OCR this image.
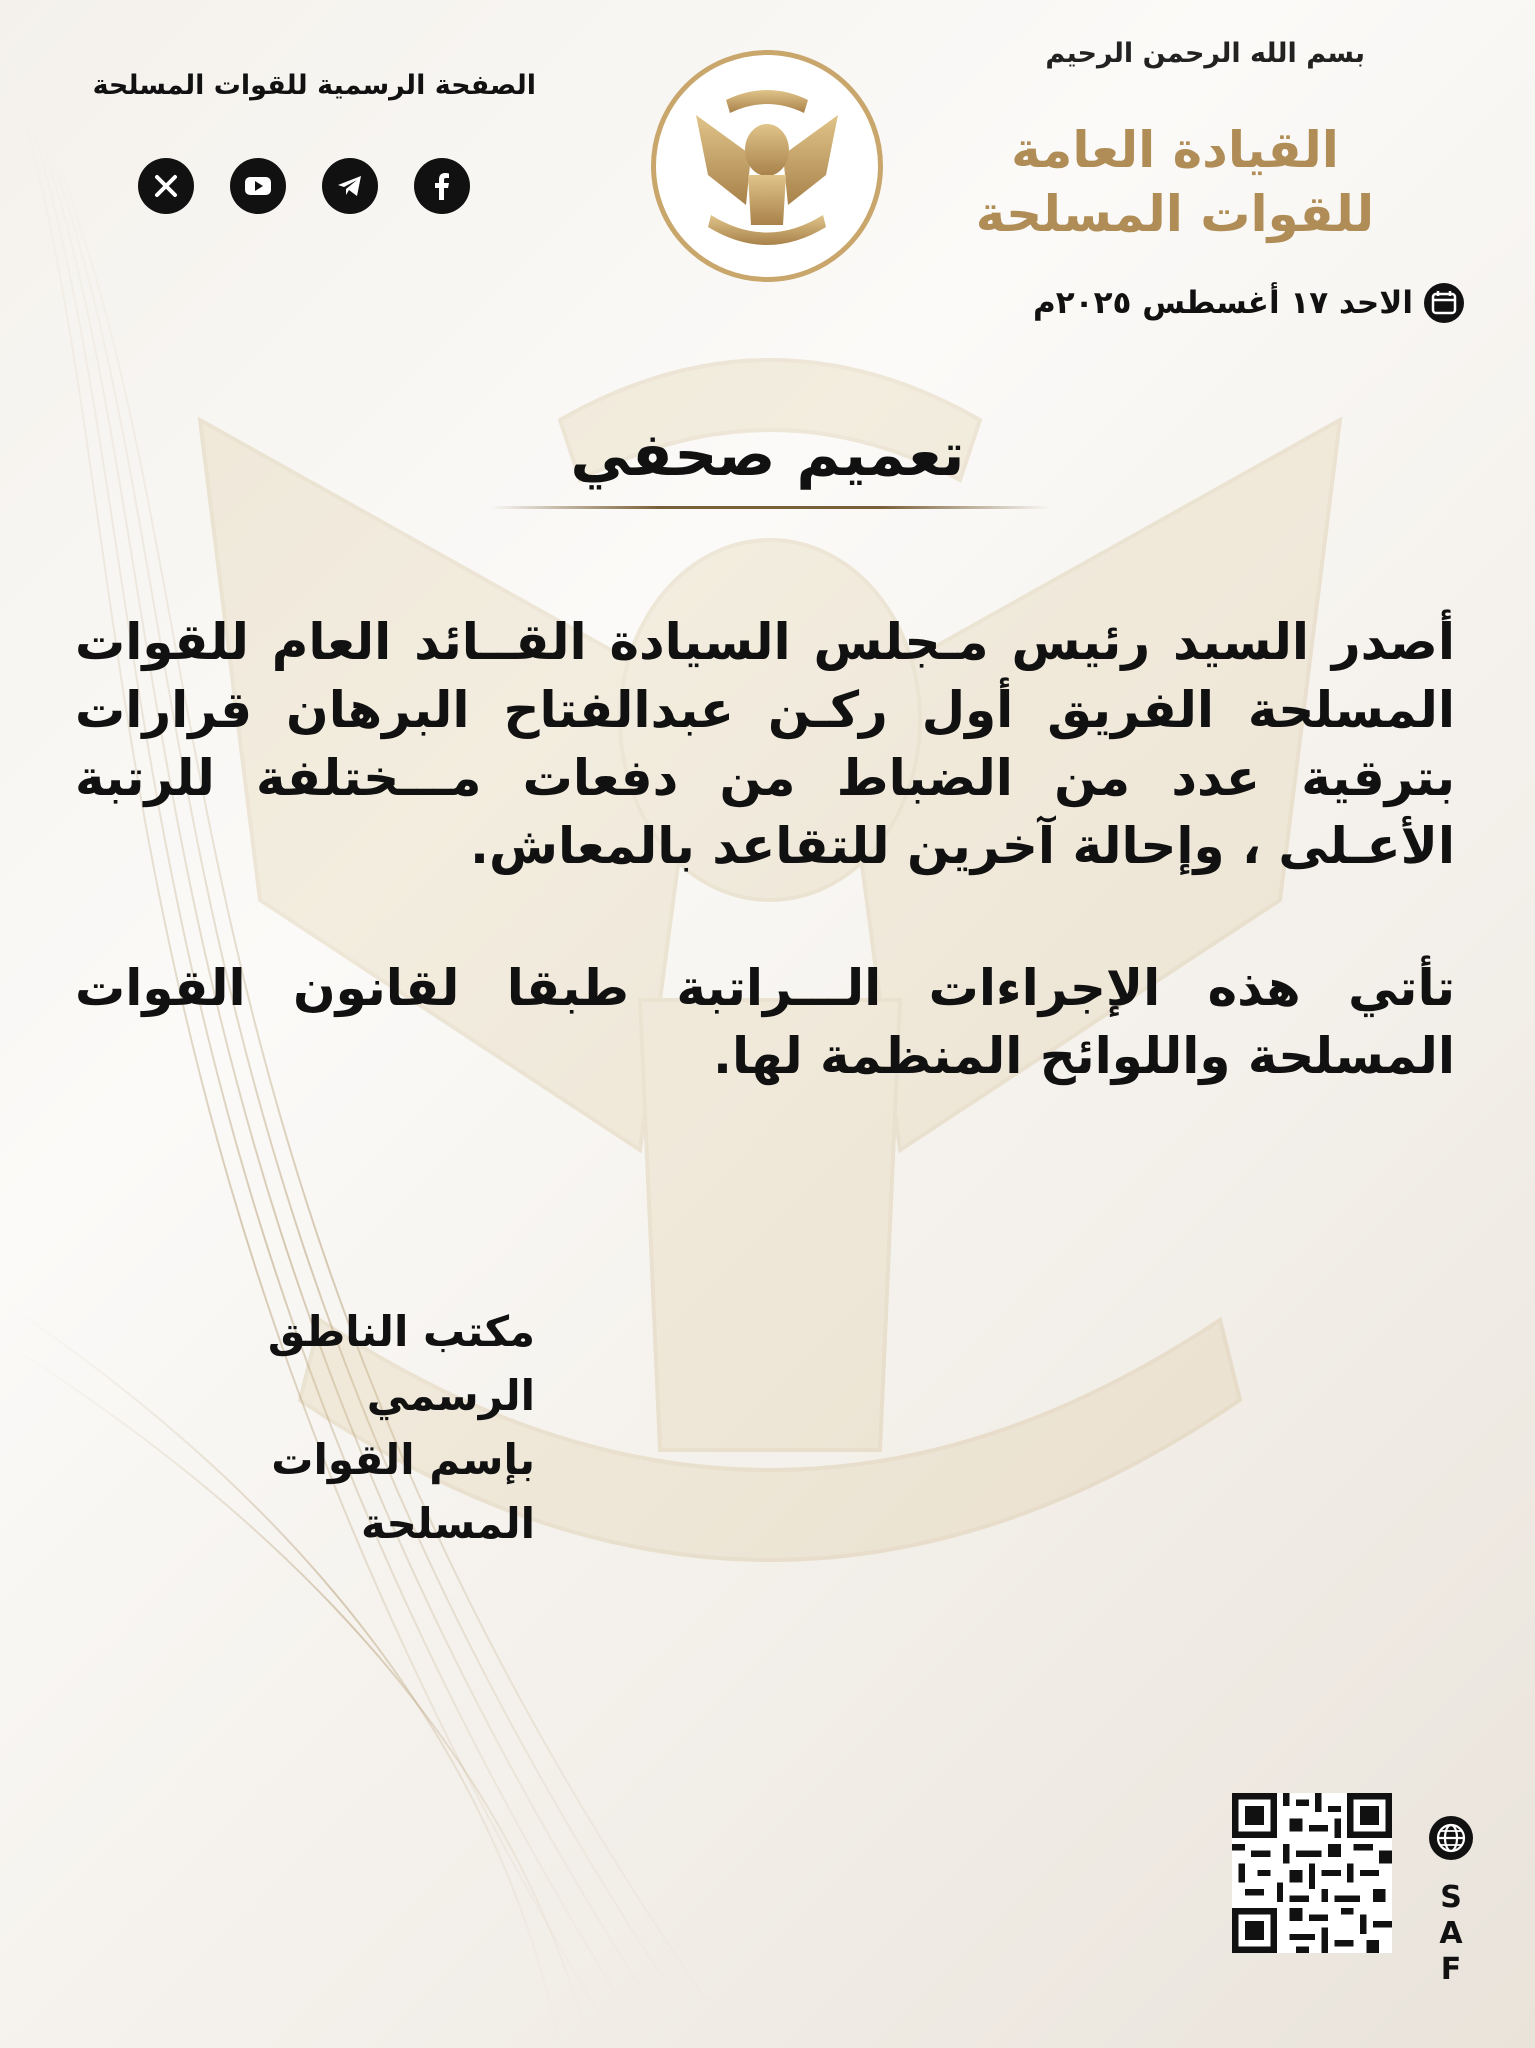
بسم الله الرحمن الرحيم
القيادة العامة
للقوات المسلحة
الاحد ١٧ أغسطس ٢٠٢٥م
الصفحة الرسمية للقوات المسلحة
تعميم صحفي
أصدر السيد رئيس مـجلس السيادة القــائد العام للقوات المسلحة الفريق أول ركـن عبدالفتاح البرهان قرارات بترقية عدد من الضباط من دفعات مـــختلفة للرتبة الأعـلى ، وإحالة آخرين للتقاعد بالمعاش.
تأتي هذه الإجراءات الـــراتبة طبقا لقانون القوات المسلحة واللوائح المنظمة لها.
مكتب الناطق الرسمي
بإسم القوات المسلحة
S
A
F
